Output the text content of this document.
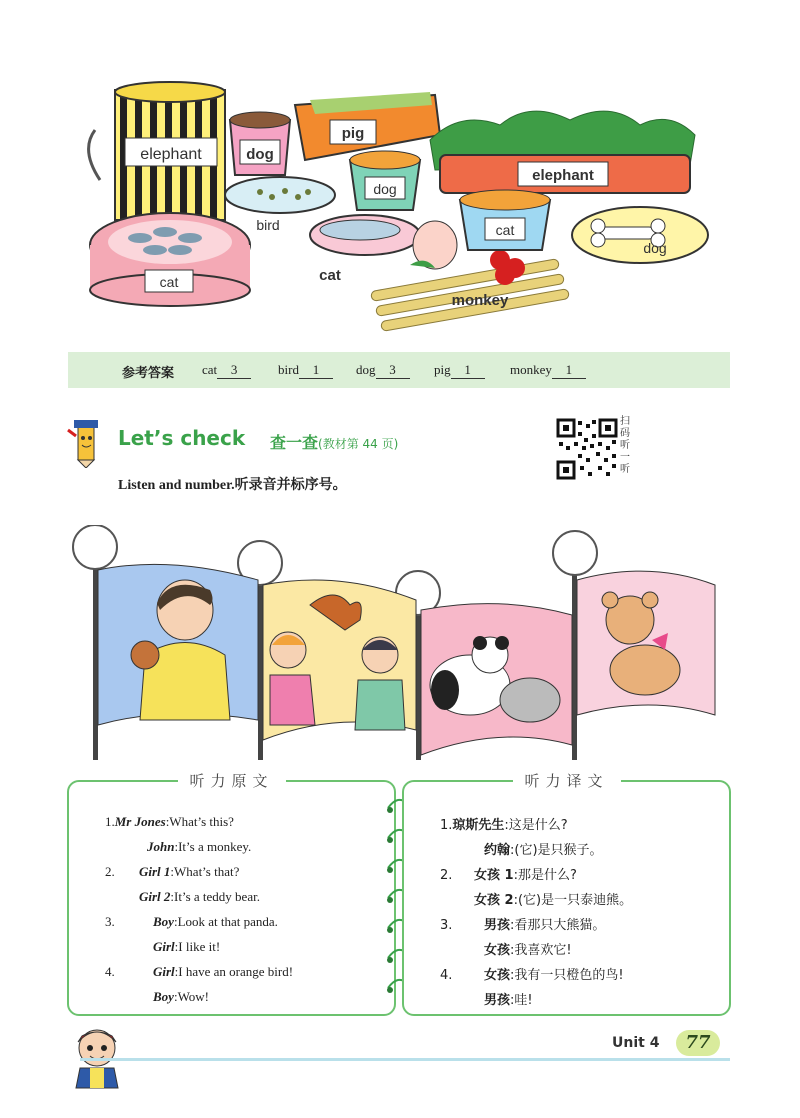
elephant	dog
pig
dog
elephant
bird
cat	cat
monkey
cat
dog
参考答案 cat 3	bird 1	dog 3	pig 1	monkey 1
Let’s check 查一查(教材第 44 页)
扫码听一听
Listen and number.听录音并标序号。
听力原文
1.Mr Jones:What’s this?
John:It’s a monkey.
2. Girl 1:What’s that?
Girl 2:It’s a teddy bear.
3.	Boy:Look at that panda.
Girl:I like it!
4.	Girl:I have an orange bird!
Boy:Wow!
听力译文
1.琼斯先生:这是什么?
约翰:(它)是只猴子。
2. 女孩 1:那是什么?
女孩 2:(它)是一只泰迪熊。
3. 男孩:看那只大熊猫。
女孩:我喜欢它!
4. 女孩:我有一只橙色的鸟!
男孩:哇!
Unit 4	77
